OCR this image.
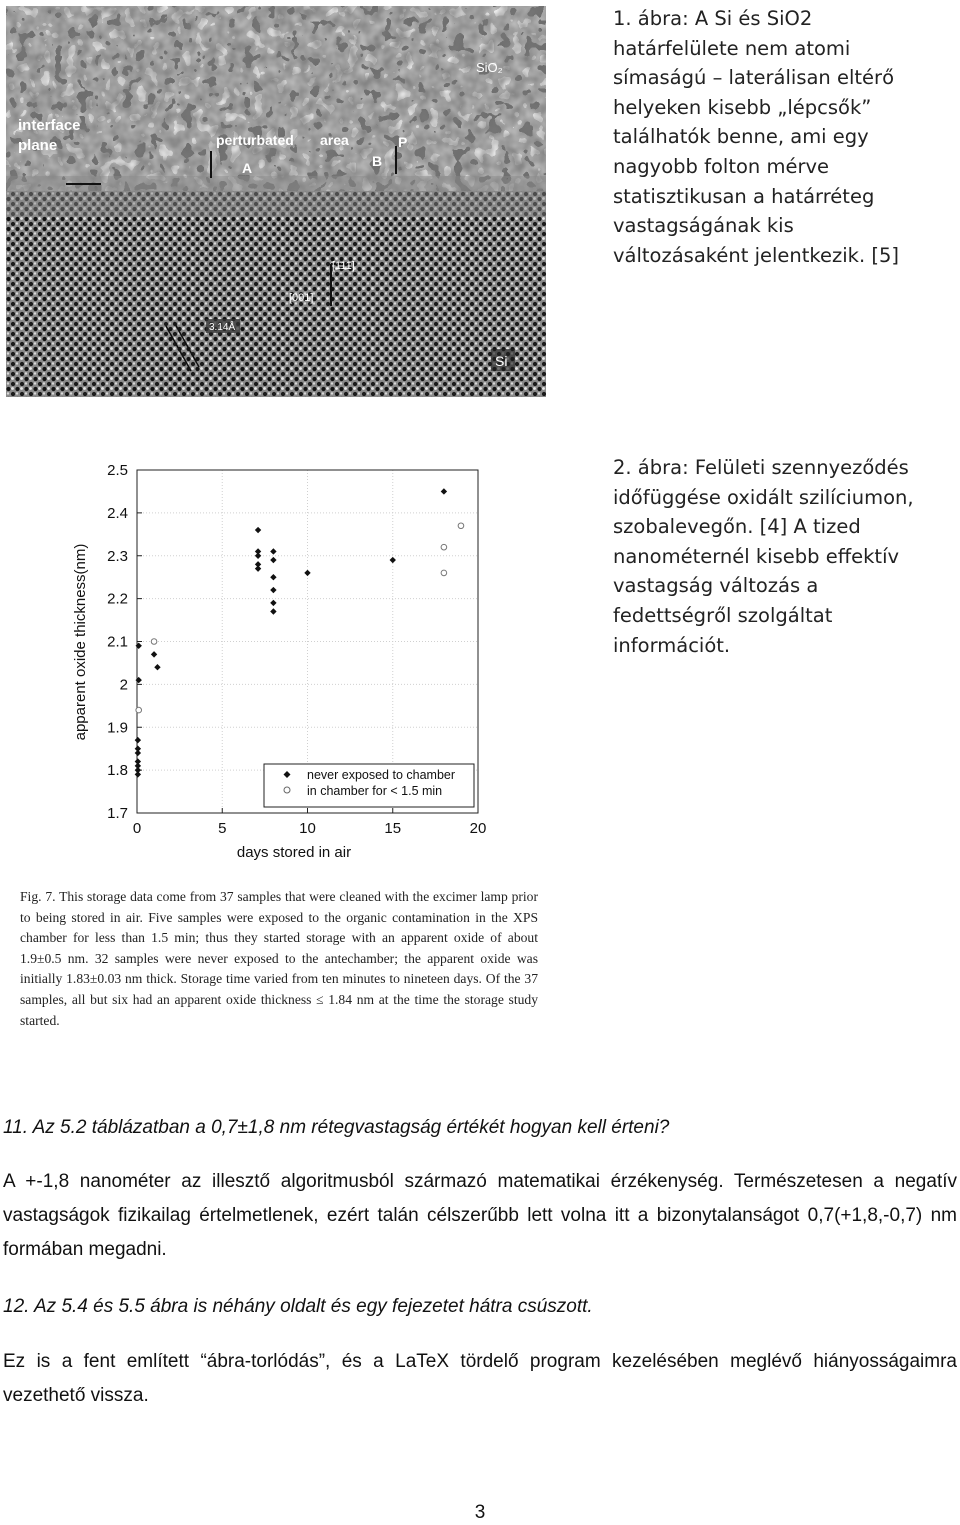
SiO₂
interface
plane	perturbated area
A	B
P
[111]
[001]
3.14Å
Si
1. ábra: A Si és SiO2 határfelülete nem atomi símaságú – laterálisan eltérő helyeken kisebb „lépcsők” találhatók benne, ami egy nagyobb folton mérve statisztikusan a határréteg vastagságának kis változásaként jelentkezik. [5]
1.7
1.8
1.9
2
2.1
2.2
2.3
2.4
2.5
0	5	10	15	20
days stored in air
apparent oxide thickness(nm)
never exposed to chamber
in chamber for < 1.5 min
2. ábra: Felületi szennyeződés időfüggése oxidált szilíciumon, szobalevegőn. [4] A tized nanométernél kisebb effektív vastagság változás a fedettségről szolgáltat információt.
Fig. 7. This storage data come from 37 samples that were cleaned with the excimer lamp prior to being stored in air. Five samples were exposed to the organic contamination in the XPS chamber for less than 1.5 min; thus they started storage with an apparent oxide of about 1.9±0.5 nm. 32 samples were never exposed to the antechamber; the apparent oxide was initially 1.83±0.03 nm thick. Storage time varied from ten minutes to nineteen days. Of the 37 samples, all but six had an apparent oxide thickness ≤ 1.84 nm at the time the storage study started.
11. Az 5.2 táblázatban a 0,7±1,8 nm rétegvastagság értékét hogyan kell érteni?
A +-1,8 nanométer az illesztő algoritmusból származó matematikai érzékenység. Természetesen a negatív vastagságok fizikailag értelmetlenek, ezért talán célszerűbb lett volna itt a bizonytalanságot 0,7(+1,8,-0,7) nm formában megadni.
12. Az 5.4 és 5.5 ábra is néhány oldalt és egy fejezetet hátra csúszott.
Ez is a fent említett “ábra-torlódás”, és a LaTeX tördelő program kezelésében meglévő hiányosságaimra vezethető vissza.
3
